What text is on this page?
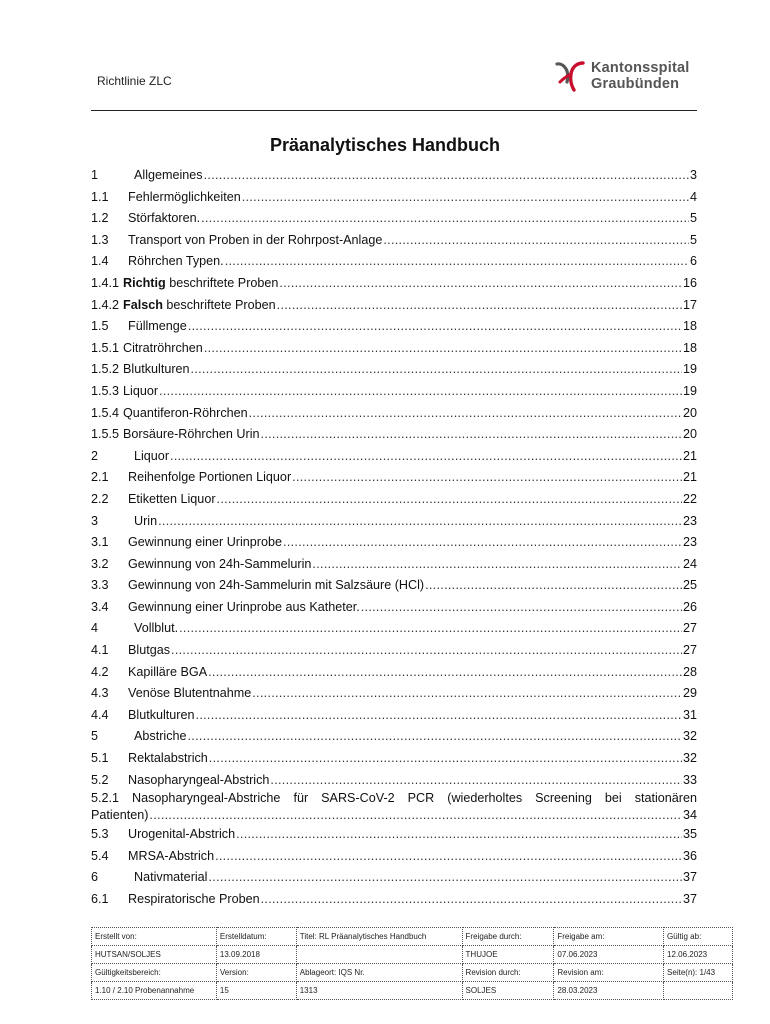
Richtlinie ZLC
Kantonsspital
Graubünden
Präanalytisches Handbuch
1	Allgemeines . . .	3
1.1	Fehlermöglichkeiten . . .	4
1.2	Störfaktoren. . . .	5
1.3	Transport von Proben in der Rohrpost-Anlage . . .	5
1.4	Röhrchen Typen. . . .	6
1.4.1 Richtig beschriftete Proben . . .	16
1.4.2 Falsch beschriftete Proben . . .	17
1.5	Füllmenge . . .	18
1.5.1 Citratröhrchen . . .	18
1.5.2 Blutkulturen . . .	19
1.5.3 Liquor . . .	19
1.5.4 Quantiferon-Röhrchen . . .	20
1.5.5 Borsäure-Röhrchen Urin . . .	20
2	Liquor . . .	21
2.1	Reihenfolge Portionen Liquor . . .	21
2.2	Etiketten Liquor . . .	22
3	Urin . . .	23
3.1	Gewinnung einer Urinprobe . . .	23
3.2	Gewinnung von 24h-Sammelurin . . .	24
3.3	Gewinnung von 24h-Sammelurin mit Salzsäure (HCl) . . .	25
3.4	Gewinnung einer Urinprobe aus Katheter. . . .	26
4	Vollblut. . . .	27
4.1	Blutgas . . .	27
4.2	Kapilläre BGA . . .	28
4.3	Venöse Blutentnahme . . .	29
4.4	Blutkulturen . . .	31
5	Abstriche . . .	32
5.1	Rektalabstrich . . .	32
5.2	Nasopharyngeal-Abstrich . . .	33
5.2.1 Nasopharyngeal-Abstriche für SARS-CoV-2 PCR (wiederholtes Screening bei stationären
Patienten) . . .	34
5.3	Urogenital-Abstrich . . .	35
5.4	MRSA-Abstrich . . .	36
6	Nativmaterial . . .	37
6.1	Respiratorische Proben . . .	37
Erstellt von:	Erstelldatum:	Titel: RL Präanalytisches Handbuch	Freigabe durch:	Freigabe am:	Gültig ab:
HUTSAN/SOLJES	13.09.2018		THUJOE	07.06.2023	12.06.2023
Gültigkeitsbereich:	Version:	Ablageort: IQS Nr.	Revision durch:	Revision am:	Seite(n): 1/43
1.10 / 2.10 Probenannahme	15	1313	SOLJES	28.03.2023	
